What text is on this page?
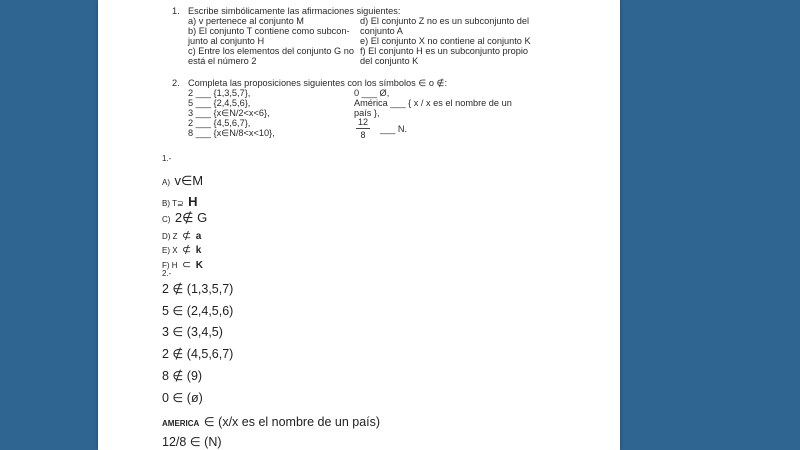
1. Escribe simbólicamente las afirmaciones siguientes:
a) v pertenece al conjunto M
b) El conjunto T contiene como subcon-
junto al conjunto H
c) Entre los elementos del conjunto G no
está el número 2
d) El conjunto Z no es un subconjunto del
conjunto A
e) El conjunto X no contiene al conjunto K
f) El conjunto H es un subconjunto propio
del conjunto K
2. Completa las proposiciones siguientes con los símbolos ∈ o ∉:
2 ___ {1,3,5,7},
5 ___ {2,4,5,6},
3 ___ {x∈N/2<x<6},
2 ___ {4,5,6,7},
8 ___ {x∈N/8<x<10},
0 ___ Ø,
América ___ { x / x es el nombre de un
país },
12
8
___ N.
1.-
A) v∈M
B) T⊇ H
C) 2∉ G
D) Z ⊄ a
E) X ⊄ k
F) H ⊂ K
2.-
2 ∉ (1,3,5,7)
5 ∈ (2,4,5,6)
3 ∈ (3,4,5)
2 ∉ (4,5,6,7)
8 ∉ (9)
0 ∈ (ø)
AMERICA ∈ (x/x es el nombre de un país)
12/8 ∈ (N)
